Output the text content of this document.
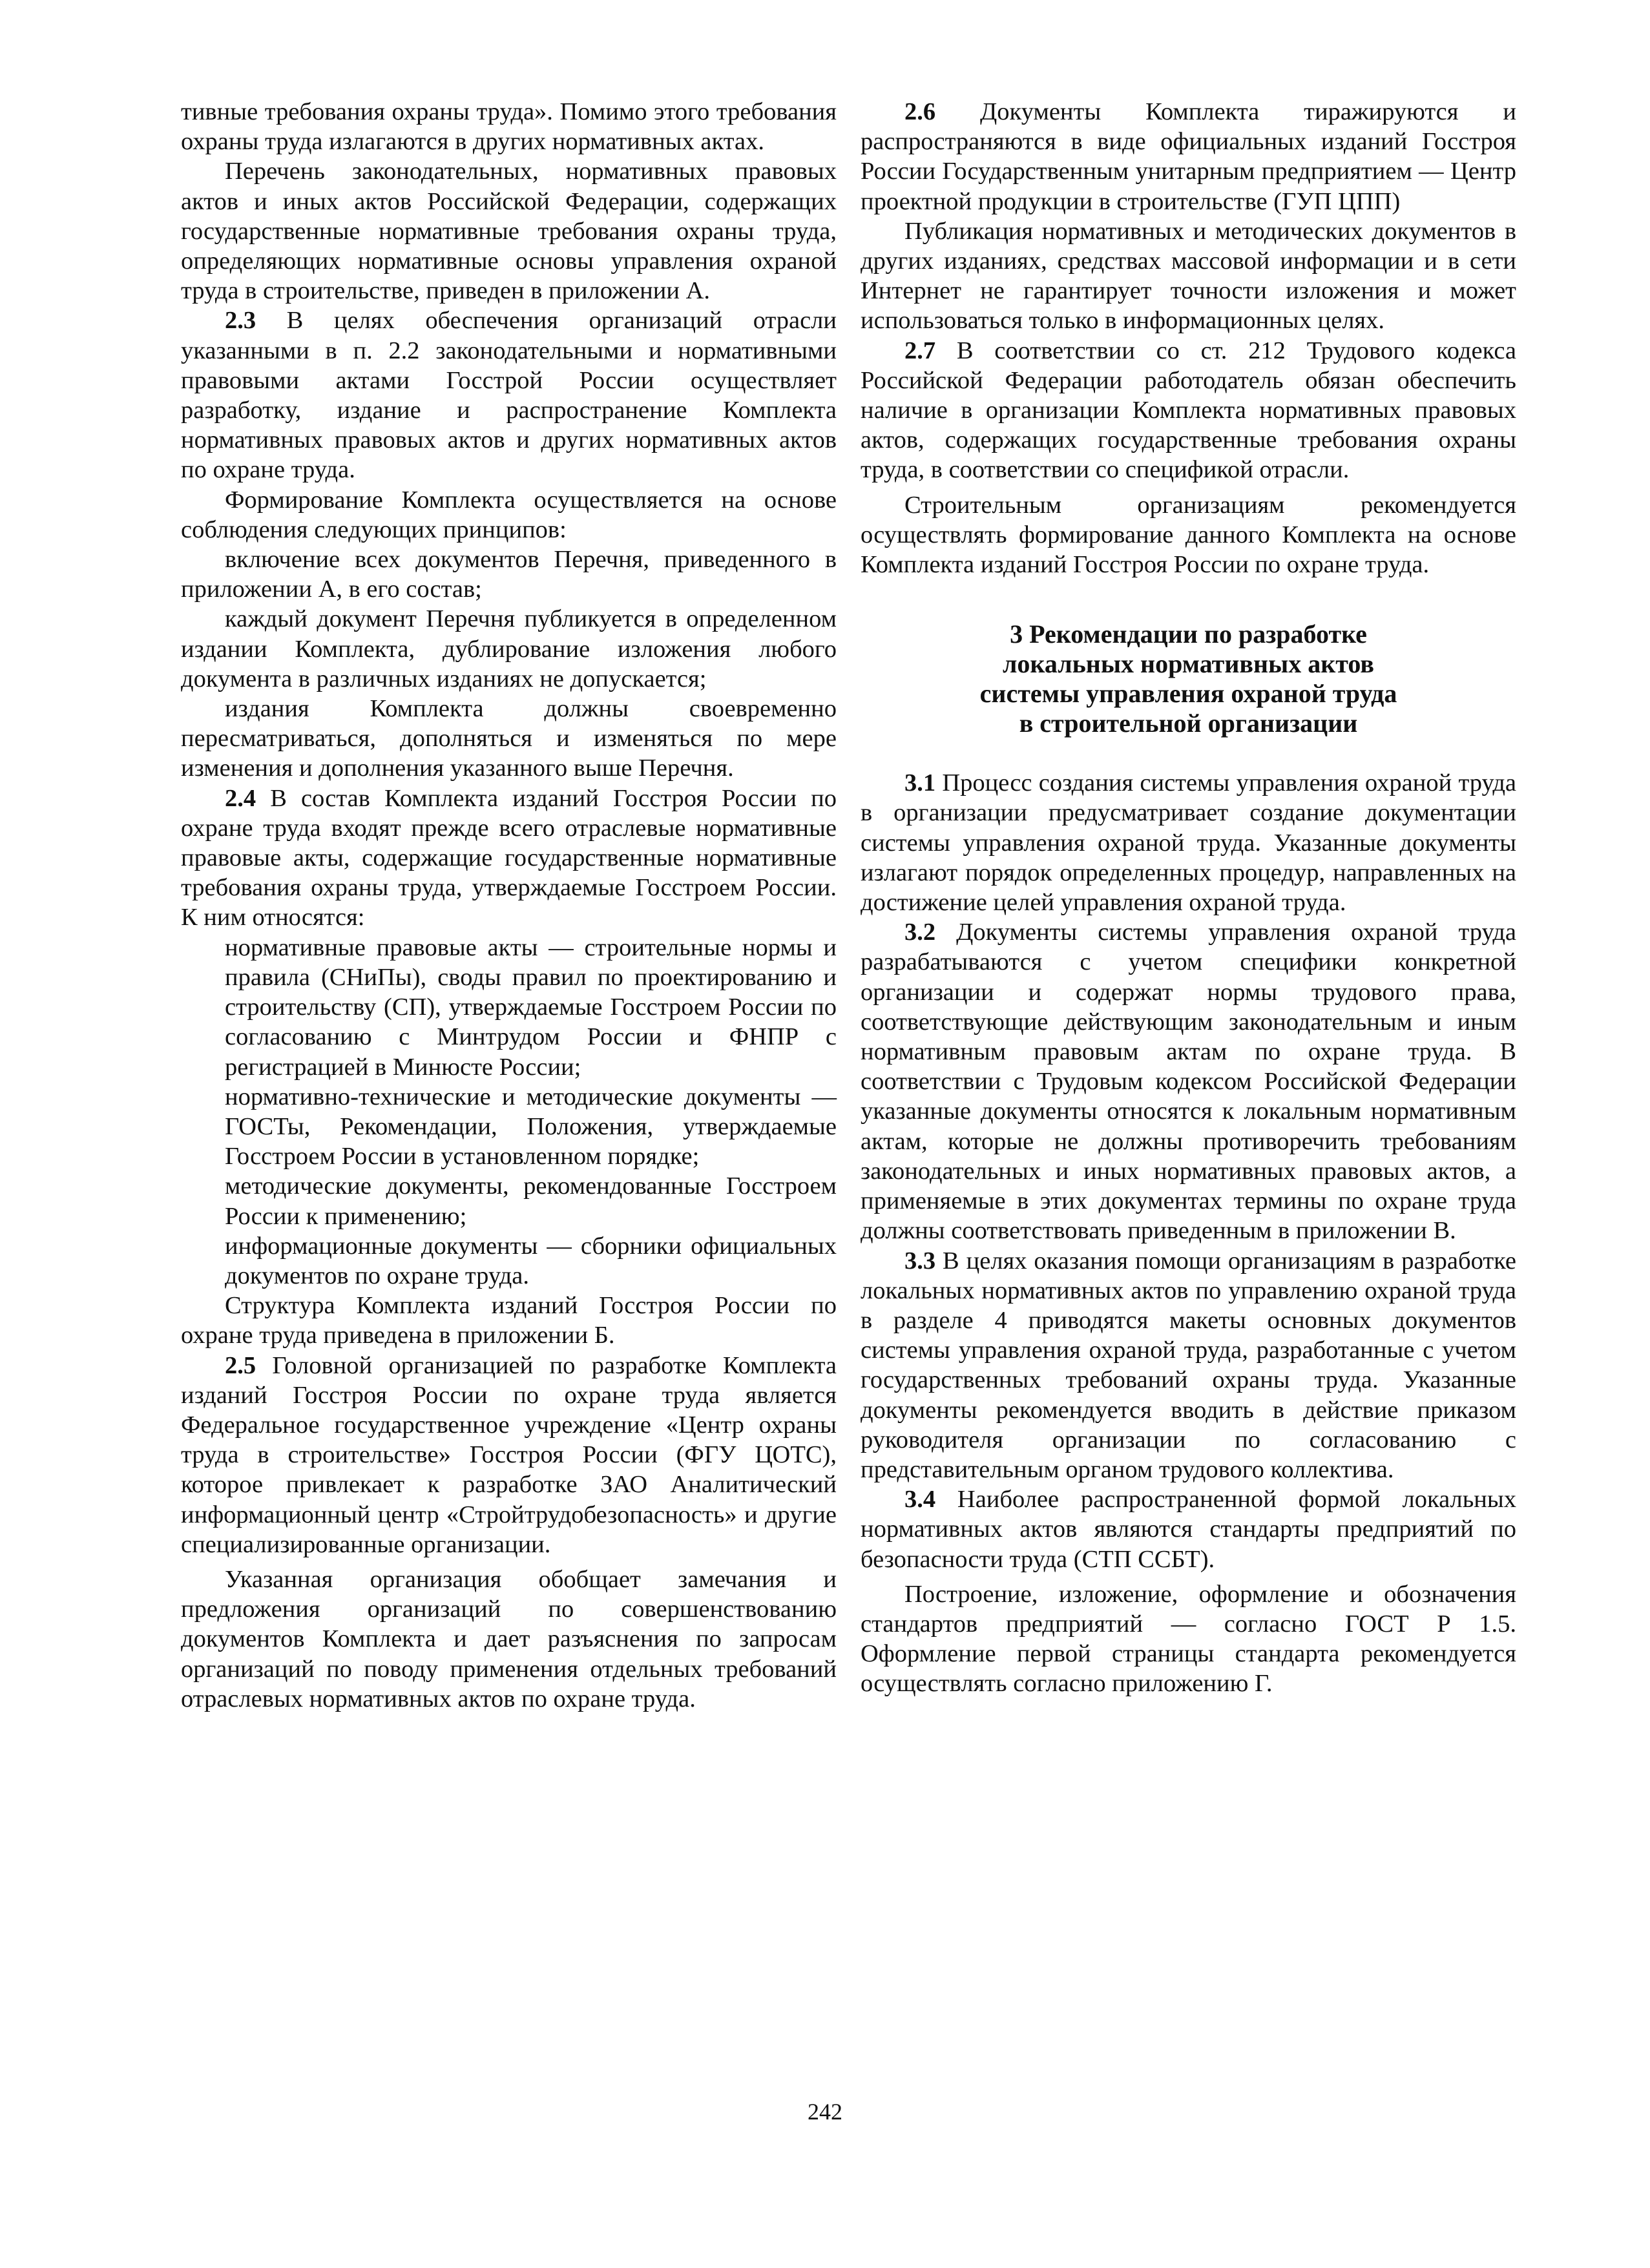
тивные требования охраны труда». Помимо этого требования охраны труда излагаются в других нормативных актах.

Перечень законодательных, нормативных правовых актов и иных актов Российской Федерации, содержащих государственные нормативные требования охраны труда, определяющих нормативные основы управления охраной труда в строительстве, приведен в приложении А.

2.3 В целях обеспечения организаций отрасли указанными в п. 2.2 законодательными и нормативными правовыми актами Госстрой России осуществляет разработку, издание и распространение Комплекта нормативных правовых актов и других нормативных актов по охране труда.

Формирование Комплекта осуществляется на основе соблюдения следующих принципов:

включение всех документов Перечня, приведенного в приложении А, в его состав;

каждый документ Перечня публикуется в определенном издании Комплекта, дублирование изложения любого документа в различных изданиях не допускается;

издания Комплекта должны своевременно пересматриваться, дополняться и изменяться по мере изменения и дополнения указанного выше Перечня.

2.4 В состав Комплекта изданий Госстроя России по охране труда входят прежде всего отраслевые нормативные правовые акты, содержащие государственные нормативные требования охраны труда, утверждаемые Госстроем России. К ним относятся:

нормативные правовые акты — строительные нормы и правила (СНиПы), своды правил по проектированию и строительству (СП), утверждаемые Госстроем России по согласованию с Минтрудом России и ФНПР с регистрацией в Минюсте России;

нормативно-технические и методические документы — ГОСТы, Рекомендации, Положения, утверждаемые Госстроем России в установленном порядке;

методические документы, рекомендованные Госстроем России к применению;

информационные документы — сборники официальных документов по охране труда.

Структура Комплекта изданий Госстроя России по охране труда приведена в приложении Б.

2.5 Головной организацией по разработке Комплекта изданий Госстроя России по охране труда является Федеральное государственное учреждение «Центр охраны труда в строительстве» Госстроя России (ФГУ ЦОТС), которое привлекает к разработке ЗАО Аналитический информационный центр «Стройтрудобезопасность» и другие специализированные организации.

Указанная организация обобщает замечания и предложения организаций по совершенствованию документов Комплекта и дает разъяснения по запросам организаций по поводу применения отдельных требований отраслевых нормативных актов по охране труда.

2.6 Документы Комплекта тиражируются и распространяются в виде официальных изданий Госстроя России Государственным унитарным предприятием — Центр проектной продукции в строительстве (ГУП ЦПП)

Публикация нормативных и методических документов в других изданиях, средствах массовой информации и в сети Интернет не гарантирует точности изложения и может использоваться только в информационных целях.

2.7 В соответствии со ст. 212 Трудового кодекса Российской Федерации работодатель обязан обеспечить наличие в организации Комплекта нормативных правовых актов, содержащих государственные требования охраны труда, в соответствии со спецификой отрасли.

Строительным организациям рекомендуется осуществлять формирование данного Комплекта на основе Комплекта изданий Госстроя России по охране труда.

3 Рекомендации по разработке
локальных нормативных актов
системы управления охраной труда
в строительной организации

3.1 Процесс создания системы управления охраной труда в организации предусматривает создание документации системы управления охраной труда. Указанные документы излагают порядок определенных процедур, направленных на достижение целей управления охраной труда.

3.2 Документы системы управления охраной труда разрабатываются с учетом специфики конкретной организации и содержат нормы трудового права, соответствующие действующим законодательным и иным нормативным правовым актам по охране труда. В соответствии с Трудовым кодексом Российской Федерации указанные документы относятся к локальным нормативным актам, которые не должны противоречить требованиям законодательных и иных нормативных правовых актов, а применяемые в этих документах термины по охране труда должны соответствовать приведенным в приложении В.

3.3 В целях оказания помощи организациям в разработке локальных нормативных актов по управлению охраной труда в разделе 4 приводятся макеты основных документов системы управления охраной труда, разработанные с учетом государственных требований охраны труда. Указанные документы рекомендуется вводить в действие приказом руководителя организации по согласованию с представительным органом трудового коллектива.

3.4 Наиболее распространенной формой локальных нормативных актов являются стандарты предприятий по безопасности труда (СТП ССБТ).

Построение, изложение, оформление и обозначения стандартов предприятий — согласно ГОСТ Р 1.5. Оформление первой страницы стандарта рекомендуется осуществлять согласно приложению Г.

242
